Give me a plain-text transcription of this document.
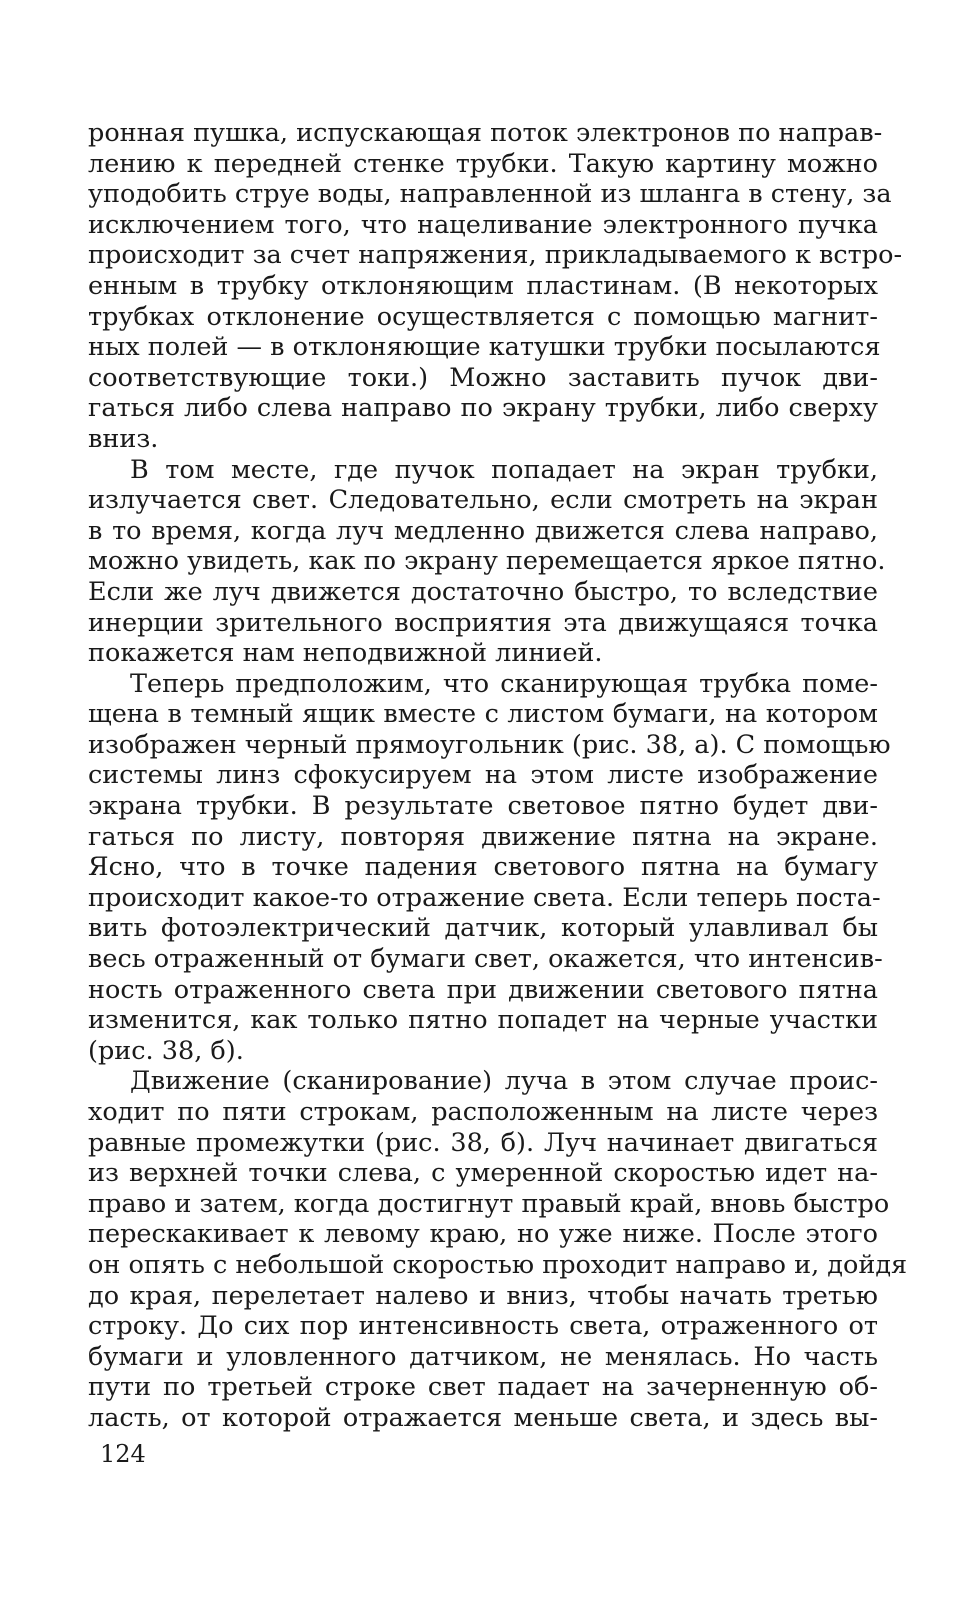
ронная пушка, испускающая поток электронов по направ-
лению к передней стенке трубки. Такую картину можно
уподобить струе воды, направленной из шланга в стену, за
исключением того, что нацеливание электронного пучка
происходит за счет напряжения, прикладываемого к встро-
енным в трубку отклоняющим пластинам. (В некоторых
трубках отклонение осуществляется с помощью магнит-
ных полей — в отклоняющие катушки трубки посылаются
соответствующие токи.) Можно заставить пучок дви-
гаться либо слева направо по экрану трубки, либо сверху
вниз.
В том месте, где пучок попадает на экран трубки,
излучается свет. Следовательно, если смотреть на экран
в то время, когда луч медленно движется слева направо,
можно увидеть, как по экрану перемещается яркое пятно.
Если же луч движется достаточно быстро, то вследствие
инерции зрительного восприятия эта движущаяся точка
покажется нам неподвижной линией.
Теперь предположим, что сканирующая трубка поме-
щена в темный ящик вместе с листом бумаги, на котором
изображен черный прямоугольник (рис. 38, а). С помощью
системы линз сфокусируем на этом листе изображение
экрана трубки. В результате световое пятно будет дви-
гаться по листу, повторяя движение пятна на экране.
Ясно, что в точке падения светового пятна на бумагу
происходит какое-то отражение света. Если теперь поста-
вить фотоэлектрический датчик, который улавливал бы
весь отраженный от бумаги свет, окажется, что интенсив-
ность отраженного света при движении светового пятна
изменится, как только пятно попадет на черные участки
(рис. 38, б).
Движение (сканирование) луча в этом случае проис-
ходит по пяти строкам, расположенным на листе через
равные промежутки (рис. 38, б). Луч начинает двигаться
из верхней точки слева, с умеренной скоростью идет на-
право и затем, когда достигнут правый край, вновь быстро
перескакивает к левому краю, но уже ниже. После этого
он опять с небольшой скоростью проходит направо и, дойдя
до края, перелетает налево и вниз, чтобы начать третью
строку. До сих пор интенсивность света, отраженного от
бумаги и уловленного датчиком, не менялась. Но часть
пути по третьей строке свет падает на зачерненную об-
ласть, от которой отражается меньше света, и здесь вы-
124
